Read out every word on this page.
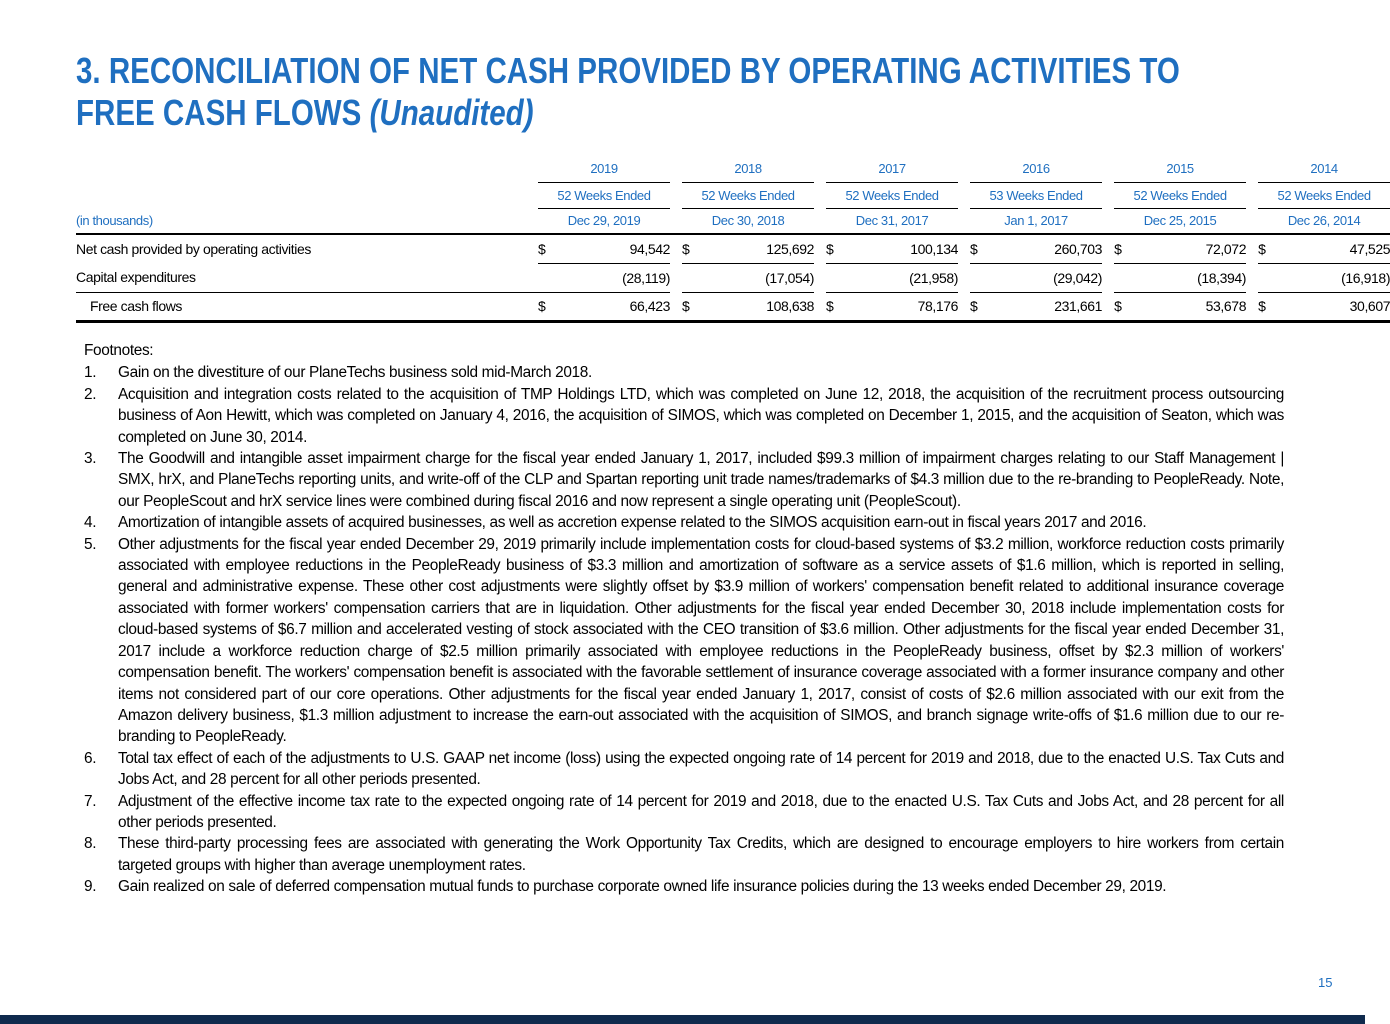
3. RECONCILIATION OF NET CASH PROVIDED BY OPERATING ACTIVITIES TO
FREE CASH FLOWS (Unaudited)
	2019			2018			2017			2016			2015			2014	
	52 Weeks Ended			52 Weeks Ended			52 Weeks Ended			53 Weeks Ended			52 Weeks Ended			52 Weeks Ended	
(in thousands)	Dec 29, 2019			Dec 30, 2018			Dec 31, 2017			Jan 1, 2017			Dec 25, 2015			Dec 26, 2014	
Net cash provided by operating activities	$	94,542		$	125,692		$	100,134		$	260,703		$	72,072		$	47,525
Capital expenditures		(28,119)			(17,054)			(21,958)			(29,042)			(18,394)			(16,918)
Free cash flows	$	66,423		$	108,638		$	78,176		$	231,661		$	53,678		$	30,607
Footnotes:
1. Gain on the divestiture of our PlaneTechs business sold mid-March 2018.
2. Acquisition and integration costs related to the acquisition of TMP Holdings LTD, which was completed on June 12, 2018, the acquisition of the recruitment process outsourcing business of Aon Hewitt, which was completed on January 4, 2016, the acquisition of SIMOS, which was completed on December 1, 2015, and the acquisition of Seaton, which was completed on June 30, 2014.
3. The Goodwill and intangible asset impairment charge for the fiscal year ended January 1, 2017, included $99.3 million of impairment charges relating to our Staff Management | SMX, hrX, and PlaneTechs reporting units, and write-off of the CLP and Spartan reporting unit trade names/trademarks of $4.3 million due to the re-branding to PeopleReady. Note, our PeopleScout and hrX service lines were combined during fiscal 2016 and now represent a single operating unit (PeopleScout).
4. Amortization of intangible assets of acquired businesses, as well as accretion expense related to the SIMOS acquisition earn-out in fiscal years 2017 and 2016.
5. Other adjustments for the fiscal year ended December 29, 2019 primarily include implementation costs for cloud-based systems of $3.2 million, workforce reduction costs primarily associated with employee reductions in the PeopleReady business of $3.3 million and amortization of software as a service assets of $1.6 million, which is reported in selling, general and administrative expense. These other cost adjustments were slightly offset by $3.9 million of workers' compensation benefit related to additional insurance coverage associated with former workers' compensation carriers that are in liquidation. Other adjustments for the fiscal year ended December 30, 2018 include implementation costs for cloud-based systems of $6.7 million and accelerated vesting of stock associated with the CEO transition of $3.6 million. Other adjustments for the fiscal year ended December 31, 2017 include a workforce reduction charge of $2.5 million primarily associated with employee reductions in the PeopleReady business, offset by $2.3 million of workers' compensation benefit. The workers' compensation benefit is associated with the favorable settlement of insurance coverage associated with a former insurance company and other items not considered part of our core operations. Other adjustments for the fiscal year ended January 1, 2017, consist of costs of $2.6 million associated with our exit from the Amazon delivery business, $1.3 million adjustment to increase the earn-out associated with the acquisition of SIMOS, and branch signage write-offs of $1.6 million due to our re-branding to PeopleReady.
6. Total tax effect of each of the adjustments to U.S. GAAP net income (loss) using the expected ongoing rate of 14 percent for 2019 and 2018, due to the enacted U.S. Tax Cuts and Jobs Act, and 28 percent for all other periods presented.
7. Adjustment of the effective income tax rate to the expected ongoing rate of 14 percent for 2019 and 2018, due to the enacted U.S. Tax Cuts and Jobs Act, and 28 percent for all other periods presented.
8. These third-party processing fees are associated with generating the Work Opportunity Tax Credits, which are designed to encourage employers to hire workers from certain targeted groups with higher than average unemployment rates.
9. Gain realized on sale of deferred compensation mutual funds to purchase corporate owned life insurance policies during the 13 weeks ended December 29, 2019.
15
